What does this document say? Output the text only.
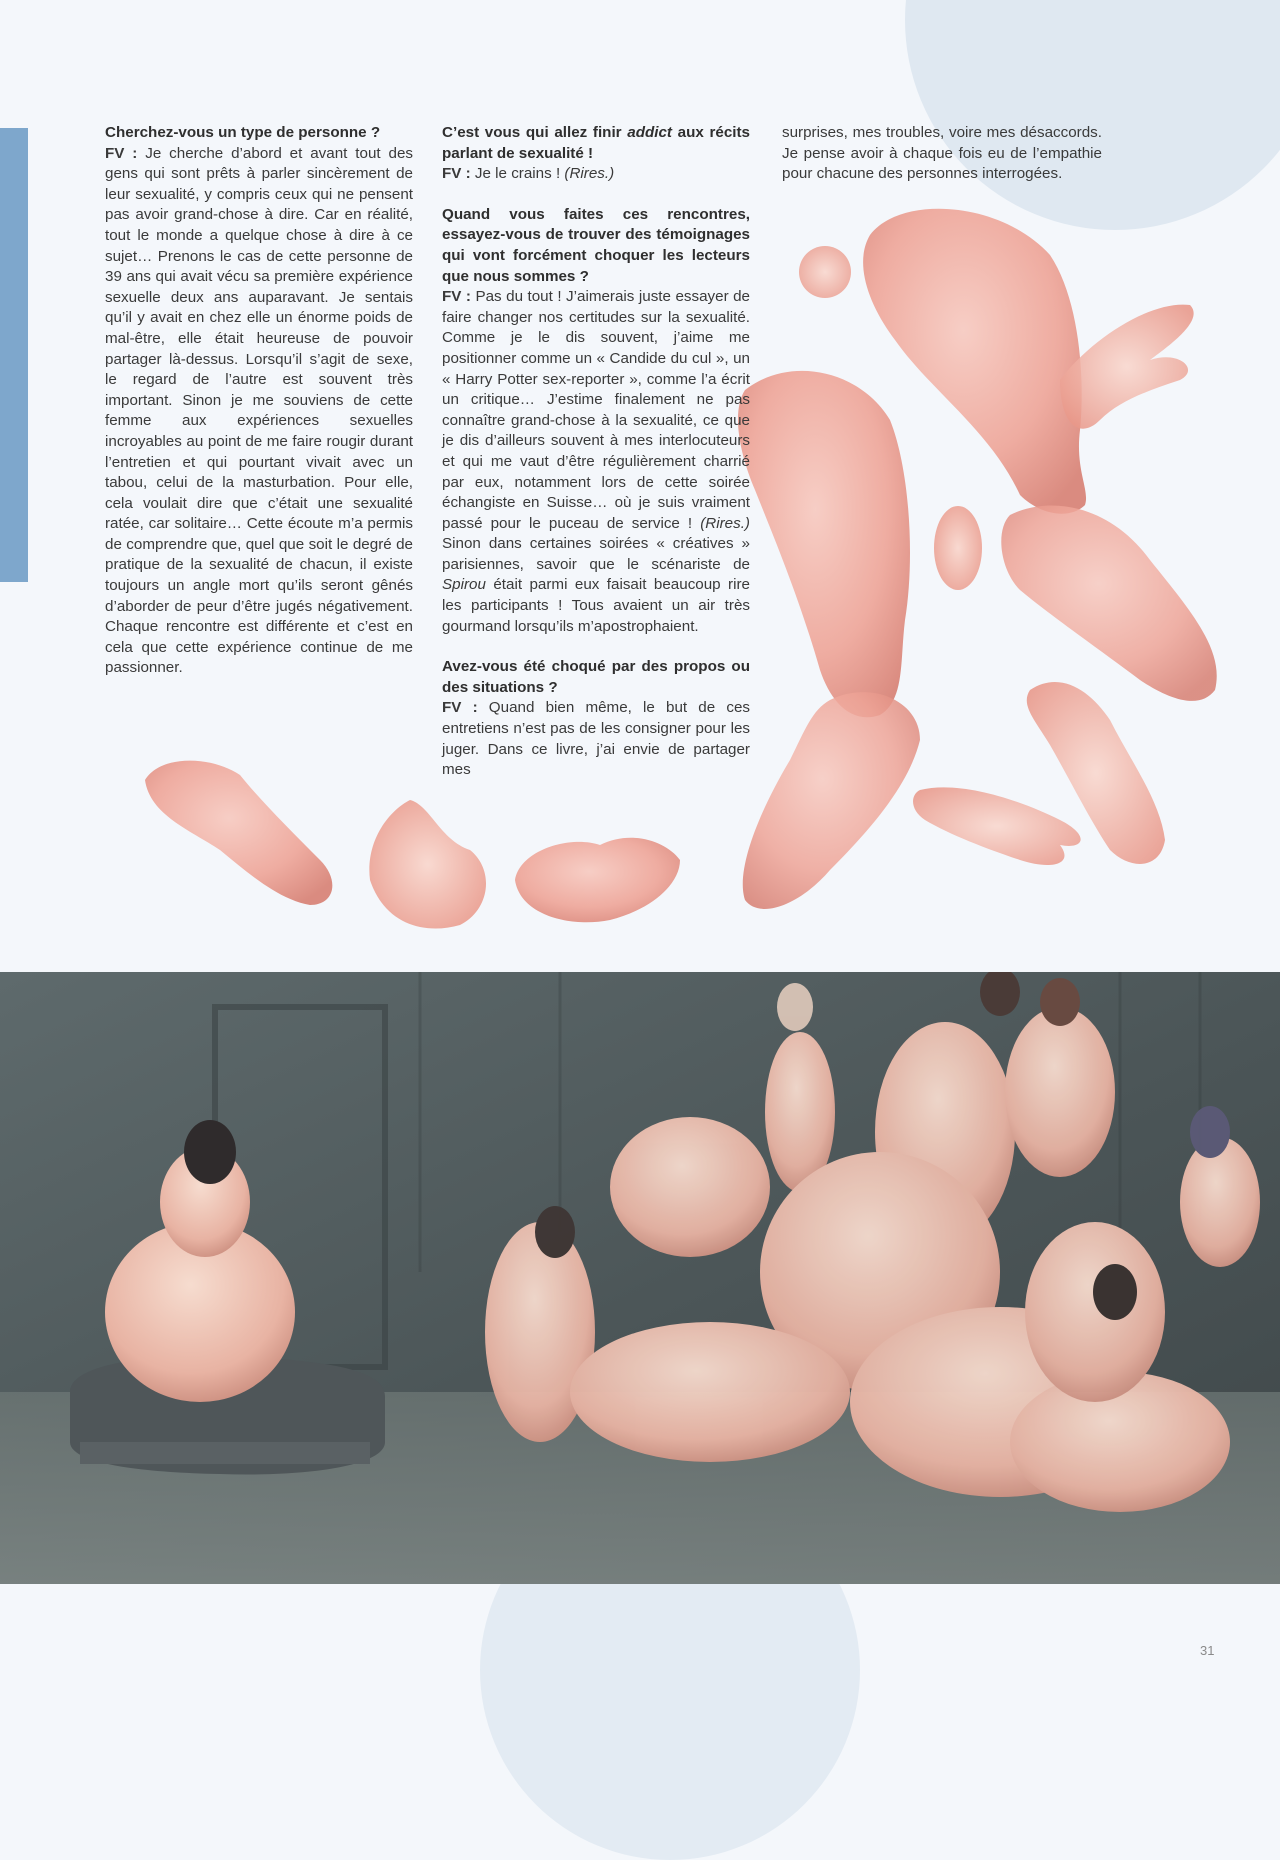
Cherchez-vous un type de personne ?
FV : Je cherche d’abord et avant tout des gens qui sont prêts à parler sincèrement de leur sexualité, y compris ceux qui ne pensent pas avoir grand-chose à dire. Car en réalité, tout le monde a quelque chose à dire à ce sujet… Prenons le cas de cette personne de 39 ans qui avait vécu sa première expérience sexuelle deux ans auparavant. Je sentais qu’il y avait en chez elle un énorme poids de mal-être, elle était heureuse de pouvoir partager là-dessus. Lorsqu’il s’agit de sexe, le regard de l’autre est souvent très important. Sinon je me souviens de cette femme aux expériences sexuelles incroyables au point de me faire rougir durant l’entretien et qui pourtant vivait avec un tabou, celui de la masturbation. Pour elle, cela voulait dire que c’était une sexualité ratée, car solitaire… Cette écoute m’a permis de comprendre que, quel que soit le degré de pratique de la sexualité de chacun, il existe toujours un angle mort qu’ils seront gênés d’aborder de peur d’être jugés négativement. Chaque rencontre est différente et c’est en cela que cette expérience continue de me passionner.
C’est vous qui allez finir addict aux récits parlant de sexualité !
FV : Je le crains ! (Rires.)
Quand vous faites ces rencontres, essayez-vous de trouver des témoignages qui vont forcément choquer les lecteurs que nous sommes ?
FV : Pas du tout ! J’aimerais juste essayer de faire changer nos certitudes sur la sexualité. Comme je le dis souvent, j’aime me positionner comme un « Candide du cul », un « Harry Potter sex-reporter », comme l’a écrit un critique… J’estime finalement ne pas connaître grand-chose à la sexualité, ce que je dis d’ailleurs souvent à mes interlocuteurs et qui me vaut d’être régulièrement charrié par eux, notamment lors de cette soirée échangiste en Suisse… où je suis vraiment passé pour le puceau de service ! (Rires.) Sinon dans certaines soirées « créatives » parisiennes, savoir que le scénariste de Spirou était parmi eux faisait beaucoup rire les participants ! Tous avaient un air très gourmand lorsqu’ils m’apostrophaient.
Avez-vous été choqué par des propos ou des situations ?
FV : Quand bien même, le but de ces entretiens n’est pas de les consigner pour les juger. Dans ce livre, j’ai envie de partager mes
surprises, mes troubles, voire mes désaccords. Je pense avoir à chaque fois eu de l’empathie pour chacune des personnes interrogées.
31
